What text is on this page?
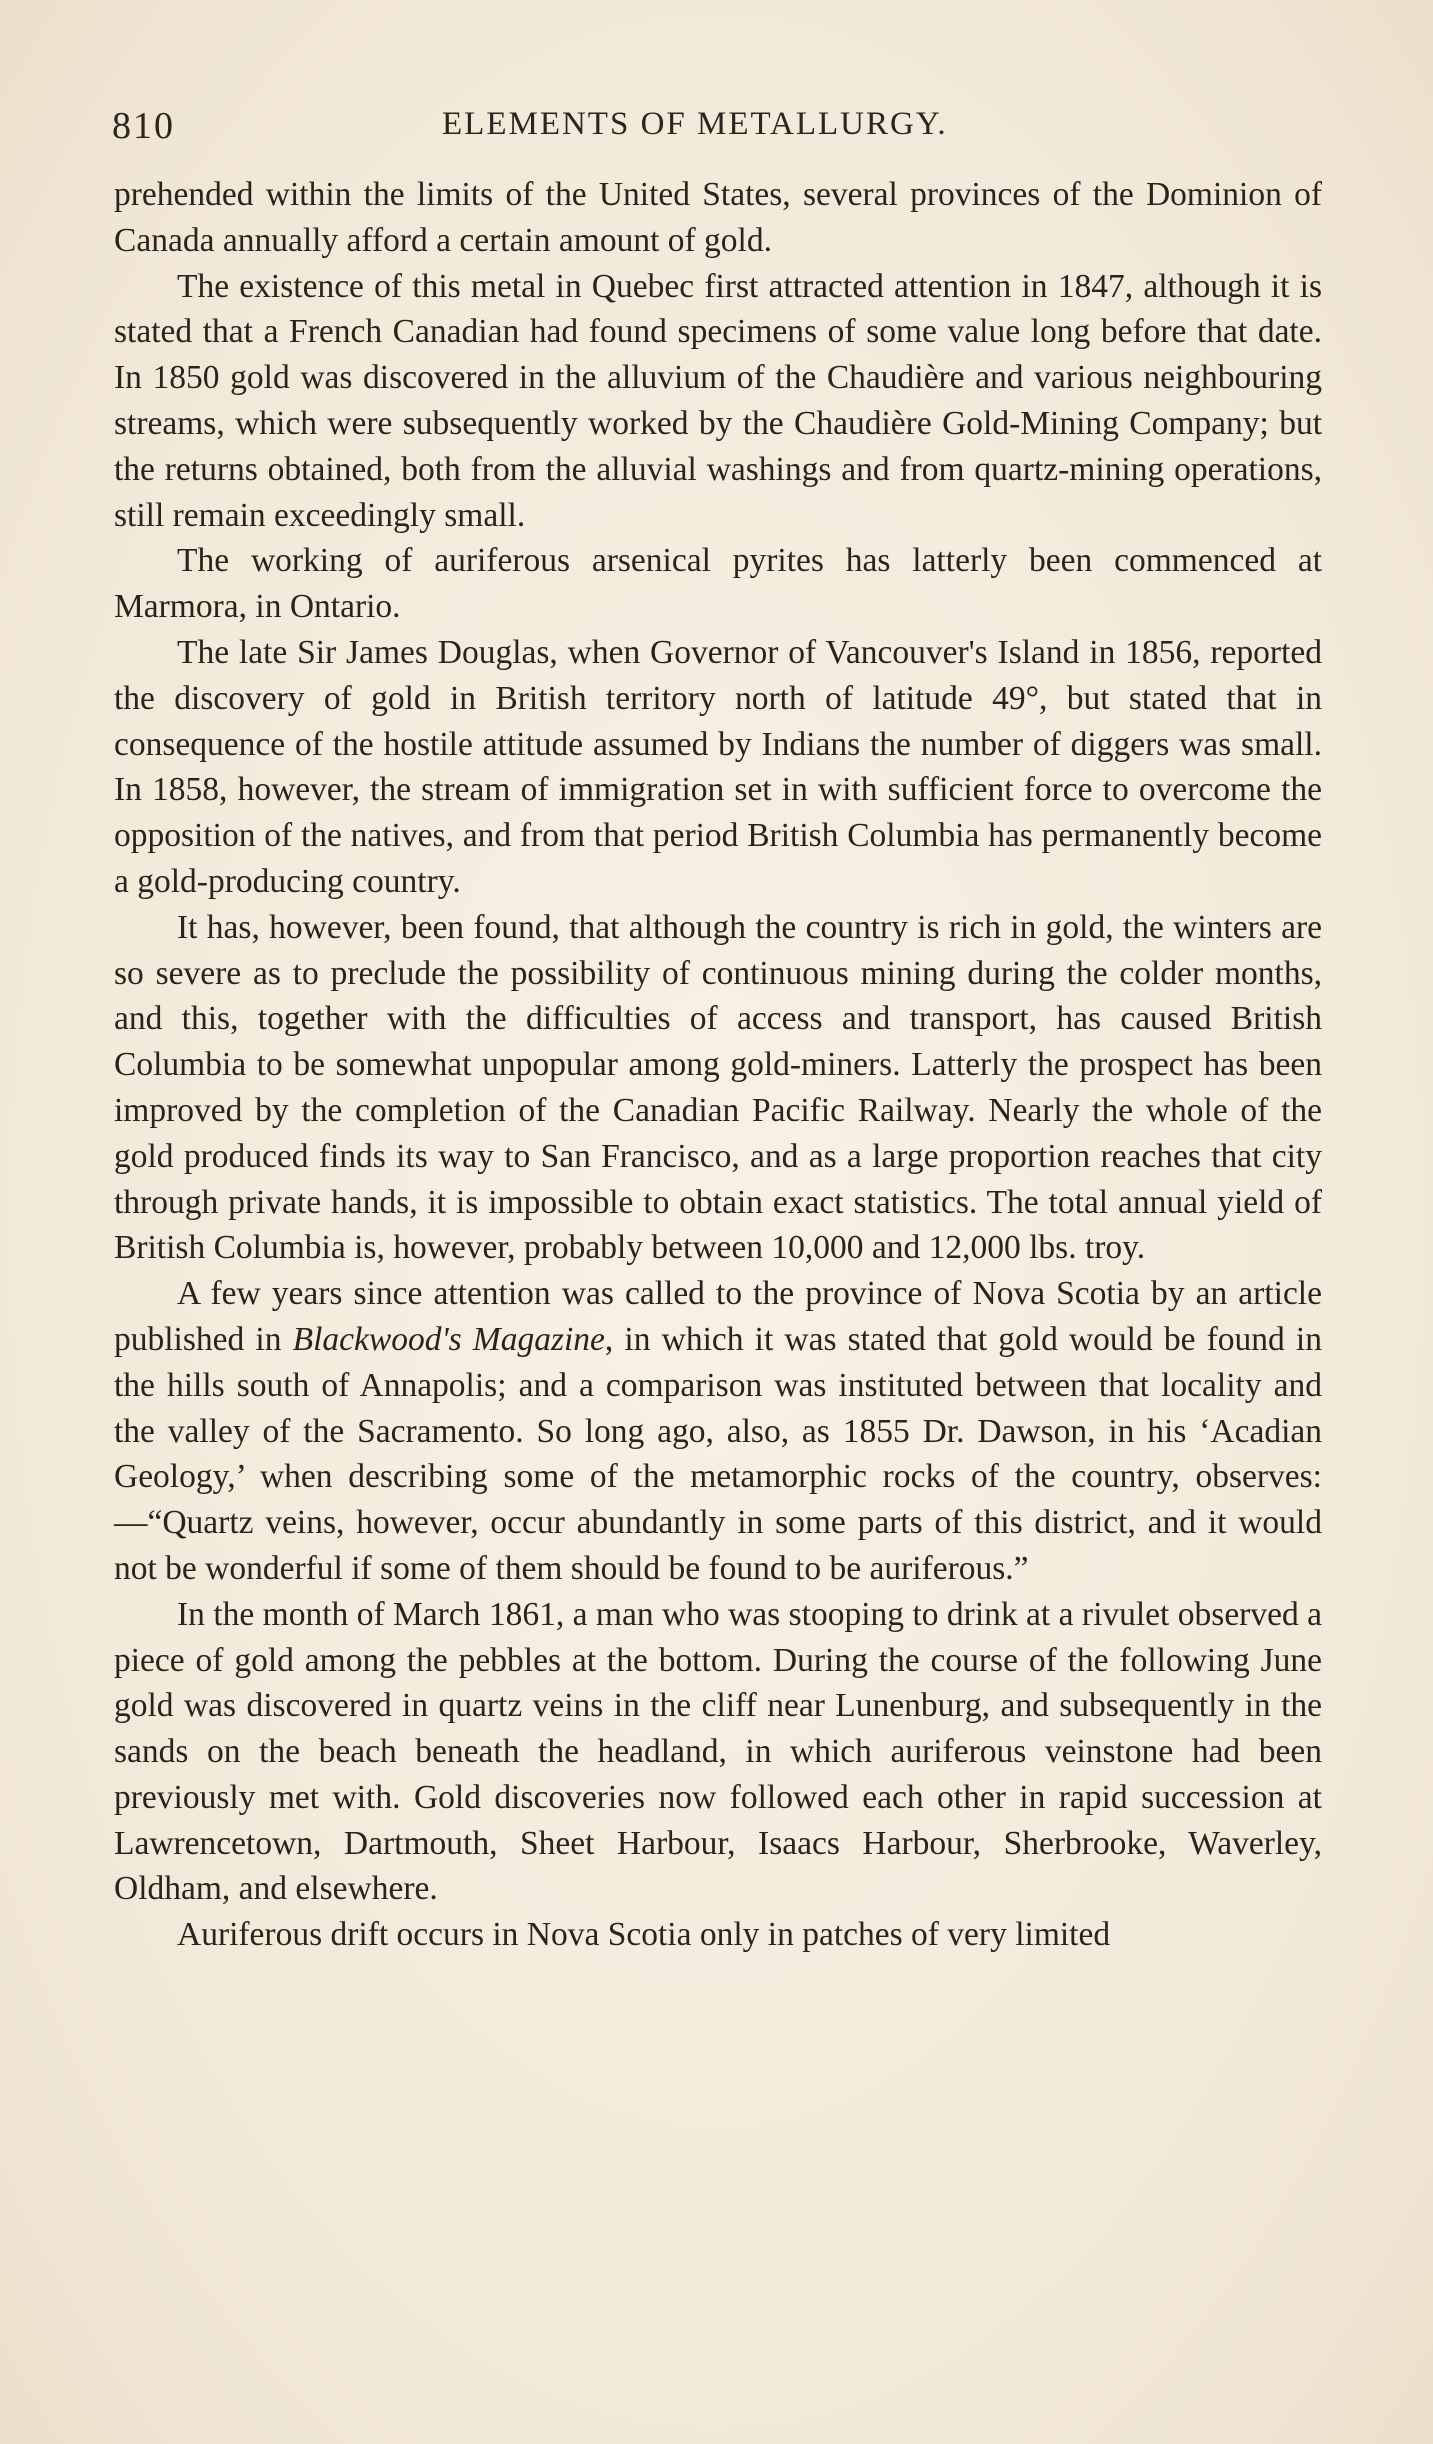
810	ELEMENTS OF METALLURGY.

prehended within the limits of the United States, several provinces of the Dominion of Canada annually afford a certain amount of gold.

The existence of this metal in Quebec first attracted attention in 1847, although it is stated that a French Canadian had found specimens of some value long before that date. In 1850 gold was discovered in the alluvium of the Chaudière and various neighbouring streams, which were subsequently worked by the Chaudière Gold-Mining Company; but the returns obtained, both from the alluvial washings and from quartz-mining operations, still remain exceedingly small.

The working of auriferous arsenical pyrites has latterly been commenced at Marmora, in Ontario.

The late Sir James Douglas, when Governor of Vancouver's Island in 1856, reported the discovery of gold in British territory north of latitude 49°, but stated that in consequence of the hostile attitude assumed by Indians the number of diggers was small. In 1858, however, the stream of immigration set in with sufficient force to overcome the opposition of the natives, and from that period British Columbia has permanently become a gold-producing country.

It has, however, been found, that although the country is rich in gold, the winters are so severe as to preclude the possibility of continuous mining during the colder months, and this, together with the difficulties of access and transport, has caused British Columbia to be somewhat unpopular among gold-miners. Latterly the prospect has been improved by the completion of the Canadian Pacific Railway. Nearly the whole of the gold produced finds its way to San Francisco, and as a large proportion reaches that city through private hands, it is impossible to obtain exact statistics. The total annual yield of British Columbia is, however, probably between 10,000 and 12,000 lbs. troy.

A few years since attention was called to the province of Nova Scotia by an article published in Blackwood's Magazine, in which it was stated that gold would be found in the hills south of Annapolis; and a comparison was instituted between that locality and the valley of the Sacramento. So long ago, also, as 1855 Dr. Dawson, in his ‘Acadian Geology,’ when describing some of the metamorphic rocks of the country, observes:—“Quartz veins, however, occur abundantly in some parts of this district, and it would not be wonderful if some of them should be found to be auriferous.”

In the month of March 1861, a man who was stooping to drink at a rivulet observed a piece of gold among the pebbles at the bottom. During the course of the following June gold was discovered in quartz veins in the cliff near Lunenburg, and subsequently in the sands on the beach beneath the headland, in which auriferous veinstone had been previously met with. Gold discoveries now followed each other in rapid succession at Lawrencetown, Dartmouth, Sheet Harbour, Isaacs Harbour, Sherbrooke, Waverley, Oldham, and elsewhere.

Auriferous drift occurs in Nova Scotia only in patches of very limited
